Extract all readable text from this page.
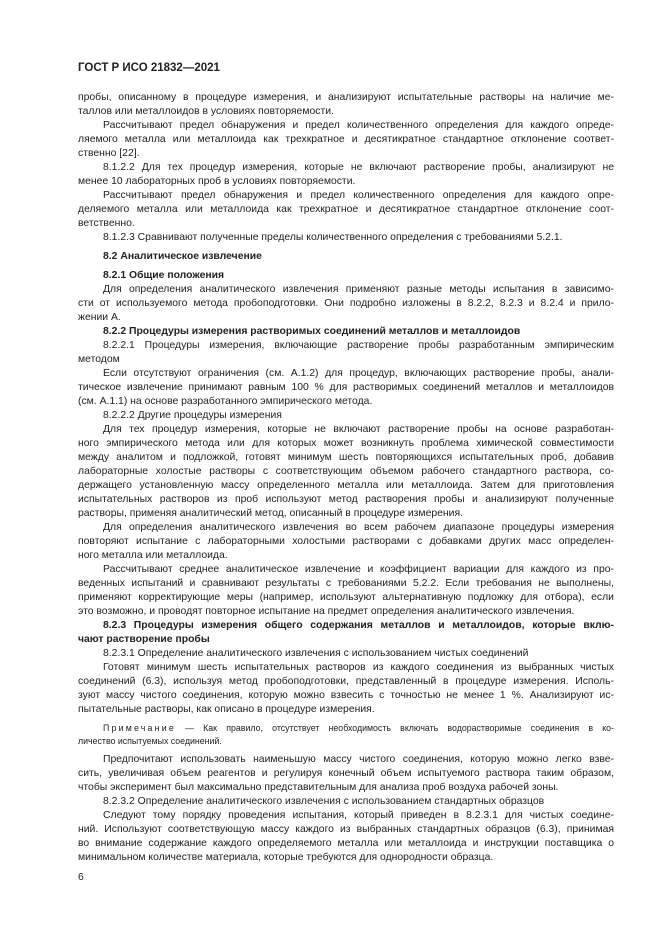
ГОСТ Р ИСО 21832—2021
пробы, описанному в процедуре измерения, и анализируют испытательные растворы на наличие ме-
таллов или металлоидов в условиях повторяемости.
Рассчитывают предел обнаружения и предел количественного определения для каждого опреде-
ляемого металла или металлоида как трехкратное и десятикратное стандартное отклонение соответ-
ственно [22].
8.1.2.2 Для тех процедур измерения, которые не включают растворение пробы, анализируют не
менее 10 лабораторных проб в условиях повторяемости.
Рассчитывают предел обнаружения и предел количественного определения для каждого опре-
деляемого металла или металлоида как трехкратное и десятикратное стандартное отклонение соот-
ветственно.
8.1.2.3 Сравнивают полученные пределы количественного определения с требованиями 5.2.1.
8.2 Аналитическое извлечение
8.2.1 Общие положения
Для определения аналитического извлечения применяют разные методы испытания в зависимо-
сти от используемого метода пробоподготовки. Они подробно изложены в 8.2.2, 8.2.3 и 8.2.4 и прило-
жении А.
8.2.2 Процедуры измерения растворимых соединений металлов и металлоидов
8.2.2.1 Процедуры измерения, включающие растворение пробы разработанным эмпирическим
методом
Если отсутствуют ограничения (см. А.1.2) для процедур, включающих растворение пробы, анали-
тическое извлечение принимают равным 100 % для растворимых соединений металлов и металлоидов
(см. А.1.1) на основе разработанного эмпирического метода.
8.2.2.2 Другие процедуры измерения
Для тех процедур измерения, которые не включают растворение пробы на основе разработан-
ного эмпирического метода или для которых может возникнуть проблема химической совместимости
между аналитом и подложкой, готовят минимум шесть повторяющихся испытательных проб, добавив
лабораторные холостые растворы с соответствующим объемом рабочего стандартного раствора, со-
держащего установленную массу определенного металла или металлоида. Затем для приготовления
испытательных растворов из проб используют метод растворения пробы и анализируют полученные
растворы, применяя аналитический метод, описанный в процедуре измерения.
Для определения аналитического извлечения во всем рабочем диапазоне процедуры измерения
повторяют испытание с лабораторными холостыми растворами с добавками других масс определен-
ного металла или металлоида.
Рассчитывают среднее аналитическое извлечение и коэффициент вариации для каждого из про-
веденных испытаний и сравнивают результаты с требованиями 5.2.2. Если требования не выполнены,
применяют корректирующие меры (например, используют альтернативную подложку для отбора), если
это возможно, и проводят повторное испытание на предмет определения аналитического извлечения.
8.2.3 Процедуры измерения общего содержания металлов и металлоидов, которые вклю-
чают растворение пробы
8.2.3.1 Определение аналитического извлечения с использованием чистых соединений
Готовят минимум шесть испытательных растворов из каждого соединения из выбранных чистых
соединений (6.3), используя метод пробоподготовки, представленный в процедуре измерения. Исполь-
зуют массу чистого соединения, которую можно взвесить с точностью не менее 1 %. Анализируют ис-
пытательные растворы, как описано в процедуре измерения.
Примечание — Как правило, отсутствует необходимость включать водорастворимые соединения в ко-
личество испытуемых соединений.
Предпочитают использовать наименьшую массу чистого соединения, которую можно легко взве-
сить, увеличивая объем реагентов и регулируя конечный объем испытуемого раствора таким образом,
чтобы эксперимент был максимально представительным для анализа проб воздуха рабочей зоны.
8.2.3.2 Определение аналитического извлечения с использованием стандартных образцов
Следуют тому порядку проведения испытания, который приведен в 8.2.3.1 для чистых соедине-
ний. Используют соответствующую массу каждого из выбранных стандартных образцов (6.3), принимая
во внимание содержание каждого определяемого металла или металлоида и инструкции поставщика о
минимальном количестве материала, которые требуются для однородности образца.
6
